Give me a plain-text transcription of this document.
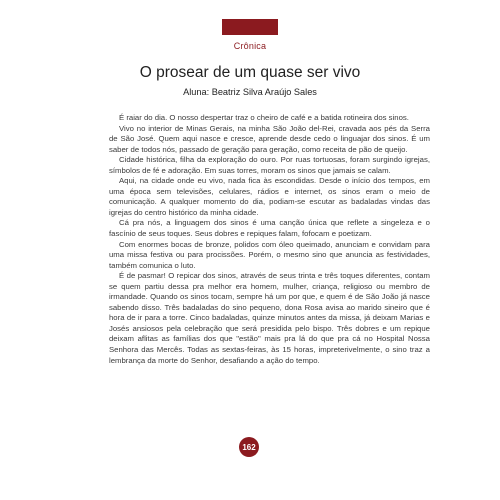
Crônica
O prosear de um quase ser vivo
Aluna: Beatriz Silva Araújo Sales

É raiar do dia. O nosso despertar traz o cheiro de café e a batida rotineira dos sinos.

Vivo no interior de Minas Gerais, na minha São João del-Rei, cravada aos pés da Serra de São José. Quem aqui nasce e cresce, aprende desde cedo o linguajar dos sinos. É um saber de todos nós, passado de geração para geração, como receita de pão de queijo.

Cidade histórica, filha da exploração do ouro. Por ruas tortuosas, foram surgindo igrejas, símbolos de fé e adoração. Em suas torres, moram os sinos que jamais se calam.

Aqui, na cidade onde eu vivo, nada fica às escondidas. Desde o início dos tempos, em uma época sem televisões, celulares, rádios e internet, os sinos eram o meio de comunicação. A qualquer momento do dia, podiam-se escutar as badaladas vindas das igrejas do centro histórico da minha cidade.

Cá pra nós, a linguagem dos sinos é uma canção única que reflete a singeleza e o fascínio de seus toques. Seus dobres e repiques falam, fofocam e poetizam.

Com enormes bocas de bronze, polidos com óleo queimado, anunciam e convidam para uma missa festiva ou para procissões. Porém, o mesmo sino que anuncia as festividades, também comunica o luto.

É de pasmar! O repicar dos sinos, através de seus trinta e três toques diferentes, contam se quem partiu dessa pra melhor era homem, mulher, criança, religioso ou membro de irmandade. Quando os sinos tocam, sempre há um por que, e quem é de São João já nasce sabendo disso. Três badaladas do sino pequeno, dona Rosa avisa ao marido sineiro que é hora de ir para a torre. Cinco badaladas, quinze minutos antes da missa, já deixam Marias e Josés ansiosos pela celebração que será presidida pelo bispo. Três dobres e um repique deixam aflitas as famílias dos que "estão" mais pra lá do que pra cá no Hospital Nossa Senhora das Mercês. Todas as sextas-feiras, às 15 horas, impreterivelmente, o sino traz a lembrança da morte do Senhor, desafiando a ação do tempo.

162
